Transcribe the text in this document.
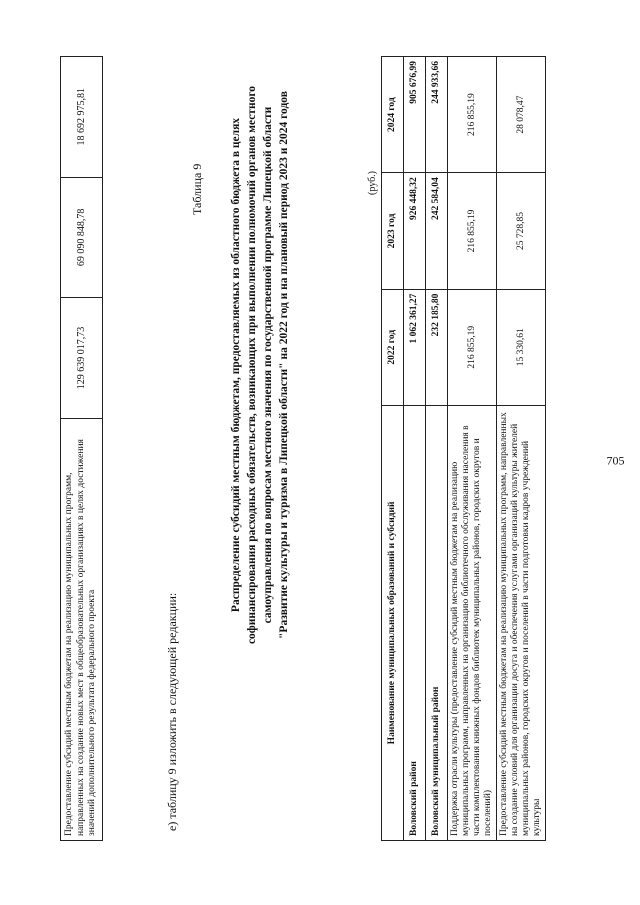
705
Предоставление субсидий местным бюджетам на реализацию муниципальных программ, направленных на создание новых мест в общеобразовательных организациях в целях достижения значений дополнительного результата федерального проекта	129 639 017,73	69 090 848,78	18 692 975,81
е) таблицу 9 изложить в следующей редакции:
Таблица 9 Распределение субсидий местным бюджетам, предоставляемых из областного бюджета в целях софинансирования расходных обязательств, возникающих при выполнении полномочий органов местного самоуправления по вопросам местного значения по государственной программе Липецкой области "Развитие культуры и туризма в Липецкой области" на 2022 год и на плановый период 2023 и 2024 годов	(руб.)
Наименование муниципальных образований и субсидий	2022 год	2023 год	2024 год
Воловский район	1 062 361,27	926 448,32	905 676,99
Воловский муниципальный район	232 185,80	242 584,04	244 933,66
Поддержка отрасли культуры (предоставление субсидий местным бюджетам на реализацию муниципальных программ, направленных на организацию библиотечного обслуживания населения в части комплектования книжных фондов библиотек муниципальных районов, городских округов и поселений)	216 855,19	216 855,19	216 855,19
Предоставление субсидий местным бюджетам на реализацию муниципальных программ, направленных на создание условий для организации досуга и обеспечения услугами организаций культуры жителей муниципальных районов, городских округов и поселений в части подготовки кадров учреждений культуры	15 330,61	25 728,85	28 078,47
